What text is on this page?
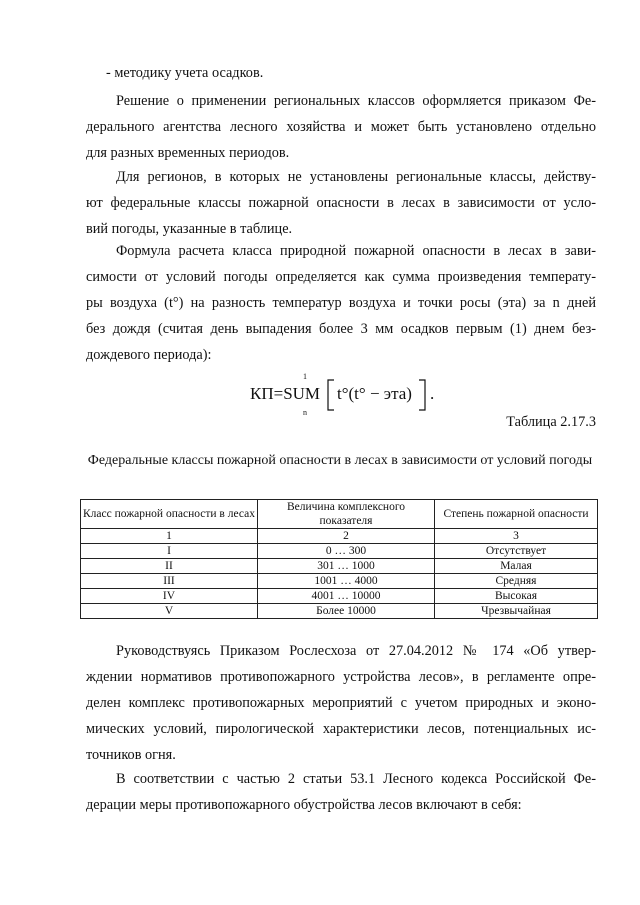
- методику учета осадков.
Решение о применении региональных классов оформляется приказом Фе-
дерального агентства лесного хозяйства и может быть установлено отдельно
для разных временных периодов.
Для регионов, в которых не установлены региональные классы, действу-
ют федеральные классы пожарной опасности в лесах в зависимости от усло-
вий погоды, указанные в таблице.
Формула расчета класса природной пожарной опасности в лесах в зави-
симости от условий погоды определяется как сумма произведения температу-
ры воздуха (t°) на разность температур воздуха и точки росы (эта) за n дней
без дождя (считая день выпадения более 3 мм осадков первым (1) днем без-
дождевого периода):
КП=SUM
1
n
t°(t° − эта) .
Таблица 2.17.3
Федеральные классы пожарной опасности в лесах в зависимости от условий погоды
Класс пожарной опасности в лесах	Величина комплексного показателя	Степень пожарной опасности
1	2	3
I	0 … 300	Отсутствует
II	301 … 1000	Малая
III	1001 … 4000	Средняя
IV	4001 … 10000	Высокая
V	Более 10000	Чрезвычайная
Руководствуясь Приказом Рослесхоза от 27.04.2012 № 174 «Об утвер-
ждении нормативов противопожарного устройства лесов», в регламенте опре-
делен комплекс противопожарных мероприятий с учетом природных и эконо-
мических условий, пирологической характеристики лесов, потенциальных ис-
точников огня.
В соответствии с частью 2 статьи 53.1 Лесного кодекса Российской Фе-
дерации меры противопожарного обустройства лесов включают в себя:
